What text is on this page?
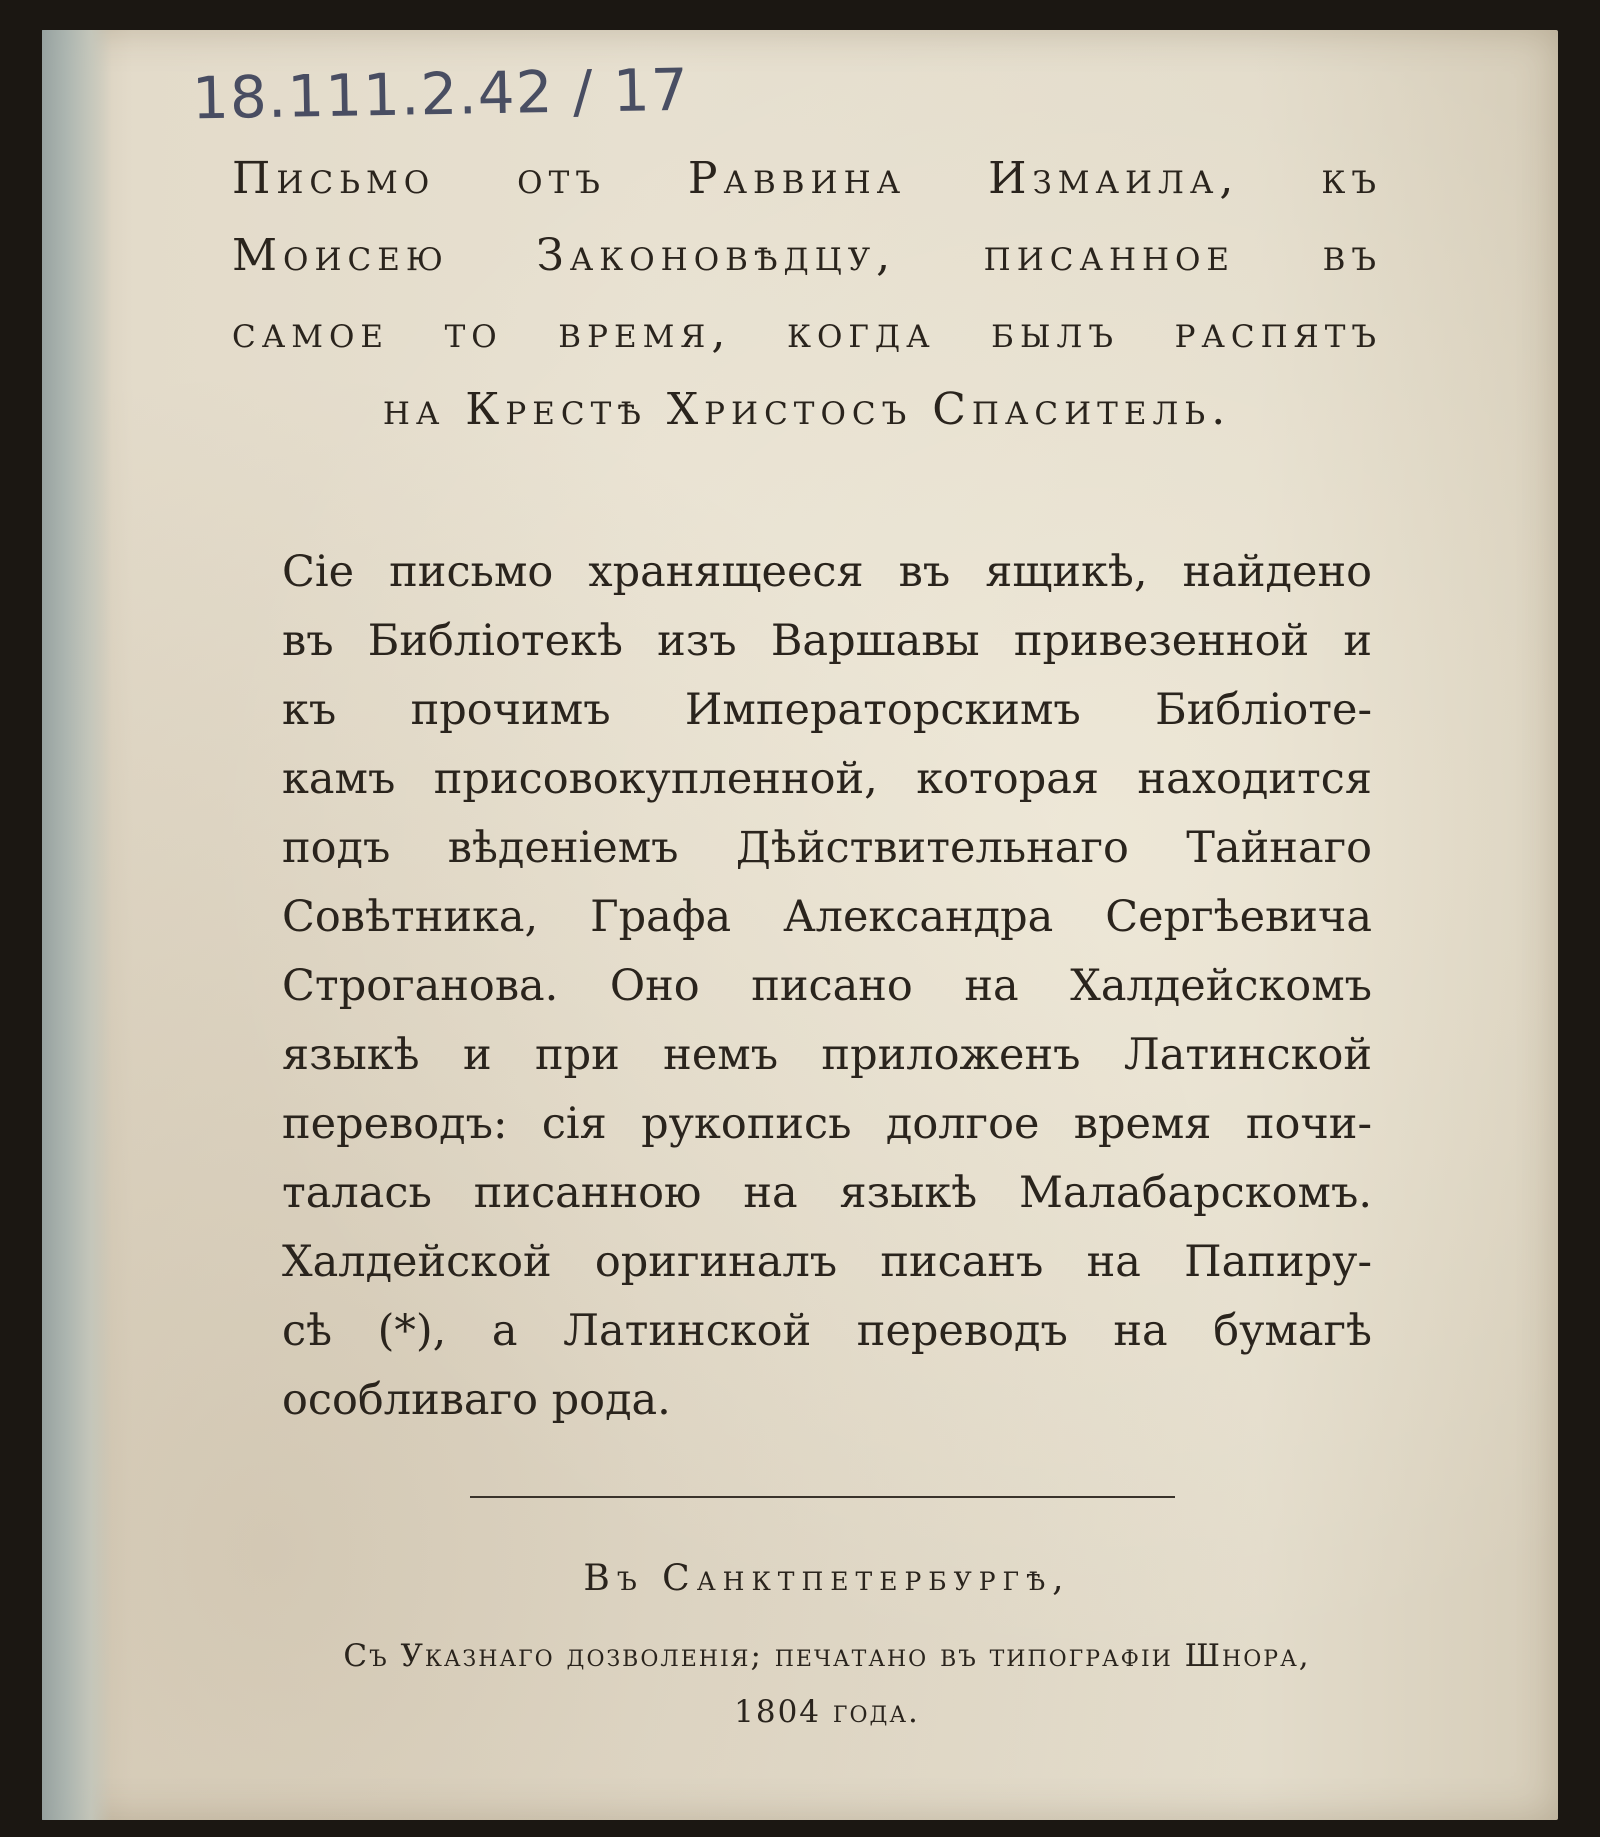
18.111.2.42 / 17
Письмо отъ Раввина Измаила, къ
Моисею Законовѣдцу, писанное въ
самое то время, когда былъ распятъ
на Крестѣ Христосъ Спаситель.
Сіе письмо хранящееся въ ящикѣ, найдено
въ Библіотекѣ изъ Варшавы привезенной и
къ прочимъ Императорскимъ Библіоте-
камъ присовокупленной, которая находится
подъ вѣденіемъ Дѣйствительнаго Тайнаго
Совѣтника, Графа Александра Сергѣевича
Строганова. Оно писано на Халдейскомъ
языкѣ и при немъ приложенъ Латинской
переводъ: сія рукопись долгое время почи-
талась писанною на языкѣ Малабарскомъ.
Халдейской оригиналъ писанъ на Папиру-
сѣ (*), а Латинской переводъ на бумагѣ
особливаго рода.
Въ Санктпетербургѣ,
Съ Указнаго дозволенія; печатано въ типографіи Шнора,
1804 года.
